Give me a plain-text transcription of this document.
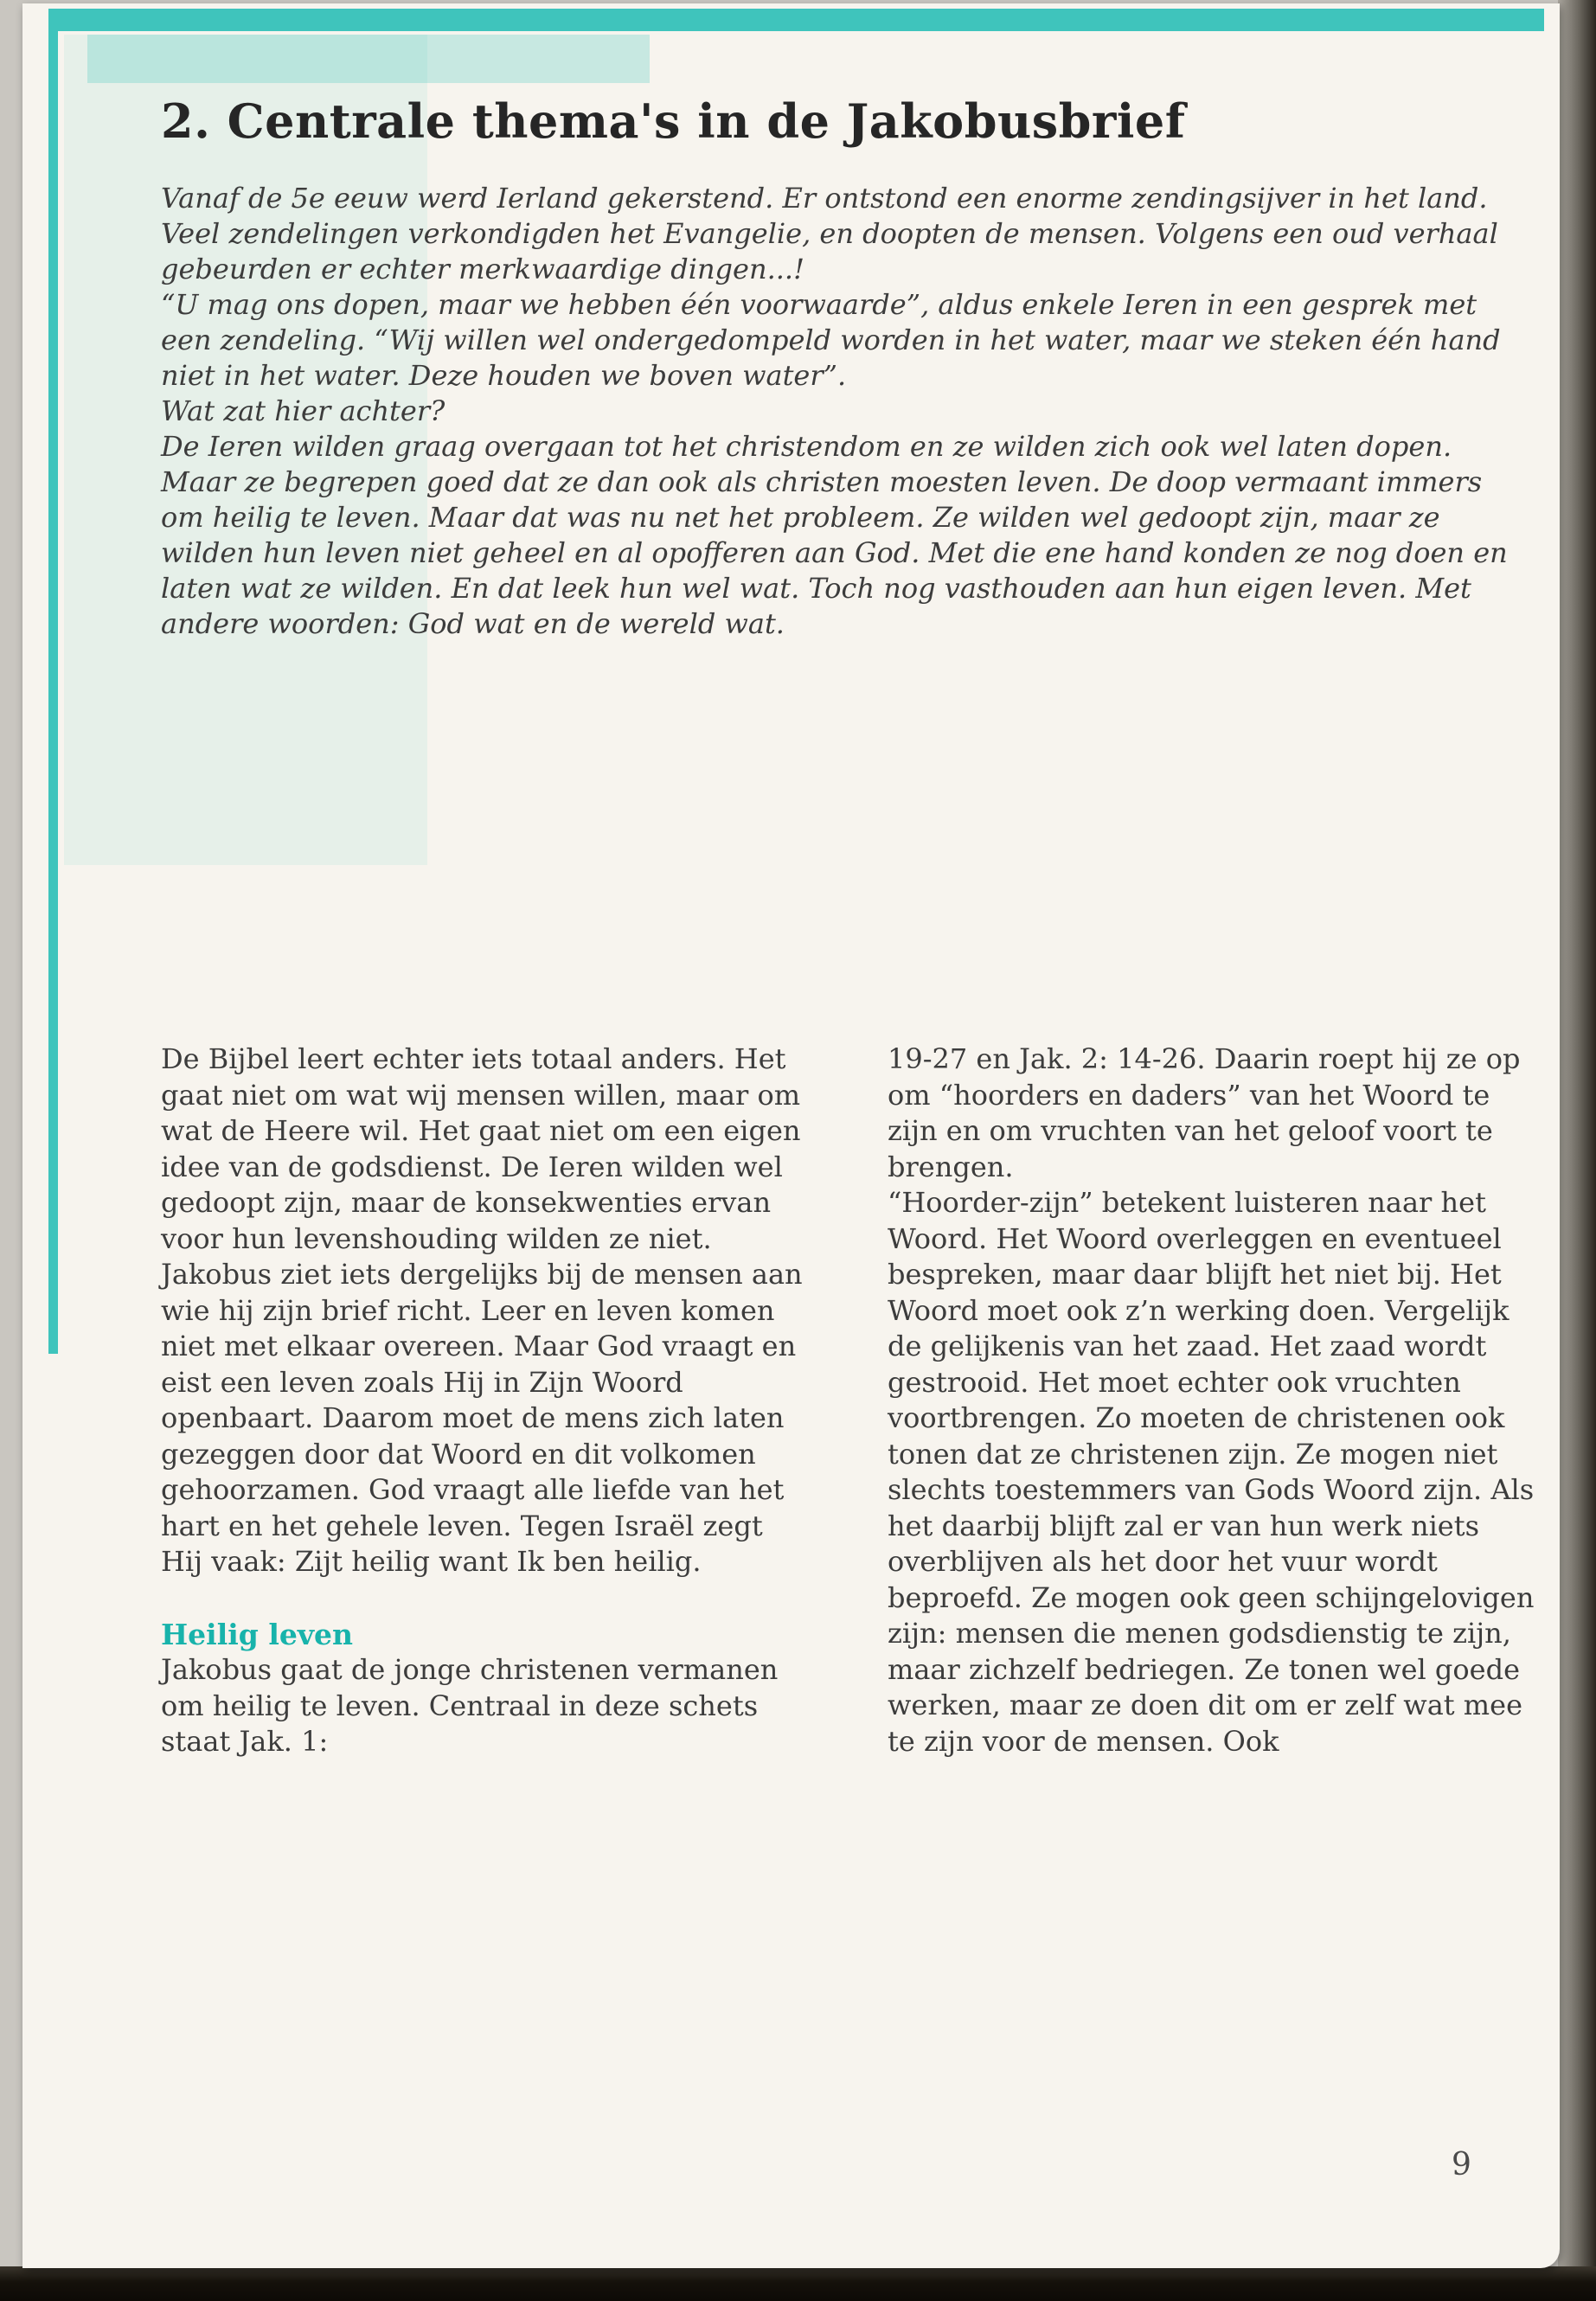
2. Centrale thema's in de Jakobusbrief

Vanaf de 5e eeuw werd Ierland gekerstend. Er ontstond een enorme zendingsijver in het land. Veel zendelingen verkondigden het Evangelie, en doopten de mensen. Volgens een oud verhaal gebeurden er echter merkwaardige dingen...!

“U mag ons dopen, maar we hebben één voorwaarde”, aldus enkele Ieren in een gesprek met een zendeling. “Wij willen wel ondergedompeld worden in het water, maar we steken één hand niet in het water. Deze houden we boven water”.

Wat zat hier achter?

De Ieren wilden graag overgaan tot het christendom en ze wilden zich ook wel laten dopen. Maar ze begrepen goed dat ze dan ook als christen moesten leven. De doop vermaant immers om heilig te leven. Maar dat was nu net het probleem. Ze wilden wel gedoopt zijn, maar ze wilden hun leven niet geheel en al opofferen aan God. Met die ene hand konden ze nog doen en laten wat ze wilden. En dat leek hun wel wat. Toch nog vasthouden aan hun eigen leven. Met andere woorden: God wat en de wereld wat.

De Bijbel leert echter iets totaal anders. Het gaat niet om wat wij mensen willen, maar om wat de Heere wil. Het gaat niet om een eigen idee van de godsdienst. De Ieren wilden wel gedoopt zijn, maar de konsekwenties ervan voor hun levenshouding wilden ze niet. Jakobus ziet iets dergelijks bij de mensen aan wie hij zijn brief richt. Leer en leven komen niet met elkaar overeen. Maar God vraagt en eist een leven zoals Hij in Zijn Woord openbaart. Daarom moet de mens zich laten gezeggen door dat Woord en dit volkomen gehoorzamen. God vraagt alle liefde van het hart en het gehele leven. Tegen Israël zegt Hij vaak: Zijt heilig want Ik ben heilig.

Heilig leven

Jakobus gaat de jonge christenen vermanen om heilig te leven. Centraal in deze schets staat Jak. 1:

19-27 en Jak. 2: 14-26. Daarin roept hij ze op om “hoorders en daders” van het Woord te zijn en om vruchten van het geloof voort te brengen.

“Hoorder-zijn” betekent luisteren naar het Woord. Het Woord overleggen en eventueel bespreken, maar daar blijft het niet bij. Het Woord moet ook z’n werking doen. Vergelijk de gelijkenis van het zaad. Het zaad wordt gestrooid. Het moet echter ook vruchten voortbrengen. Zo moeten de christenen ook tonen dat ze christenen zijn. Ze mogen niet slechts toestemmers van Gods Woord zijn. Als het daarbij blijft zal er van hun werk niets overblijven als het door het vuur wordt beproefd. Ze mogen ook geen schijngelovigen zijn: mensen die menen godsdienstig te zijn, maar zichzelf bedriegen. Ze tonen wel goede werken, maar ze doen dit om er zelf wat mee te zijn voor de mensen. Ook

9
